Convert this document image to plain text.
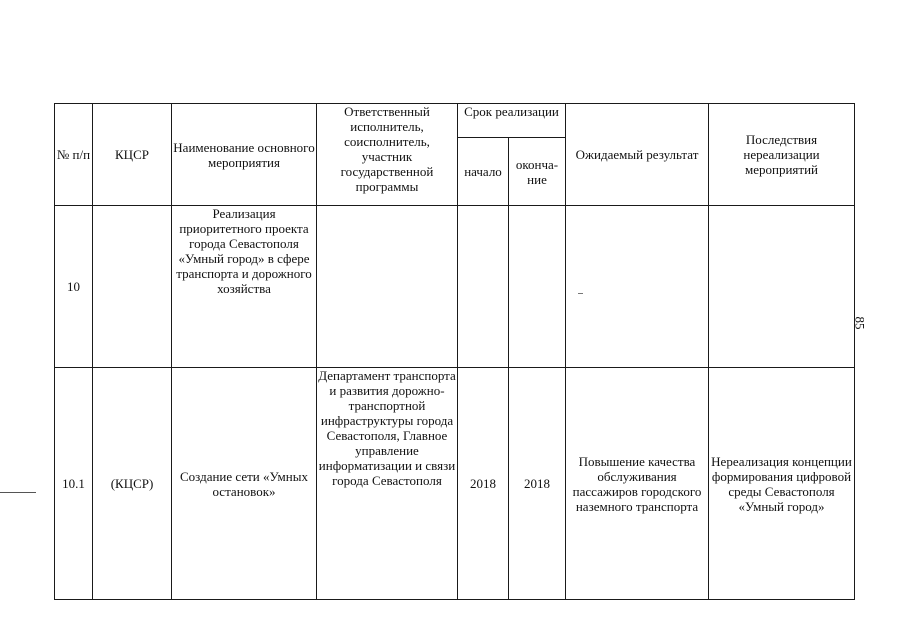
№ п/п	КЦСР	Наименование основного мероприятия	Ответственный исполнитель, соисполнитель, участник государственной программы	Срок реализации		Ожидаемый результат	Последствия нереализации мероприятий
				начало	оконча-
ние		
10		Реализация приоритетного проекта города Севастополя «Умный город» в сфере транспорта и дорожного хозяйства					
10.1	(КЦСР)	Создание сети «Умных остановок»	Департамент транспорта и развития дорожно-транспортной инфраструктуры города Севастополя, Главное управление информатизации и связи города Севастополя	2018	2018	Повышение качества обслуживания пассажиров городского наземного транспорта	Нереализация концепции формирования цифровой среды Севастополя «Умный город»
85
